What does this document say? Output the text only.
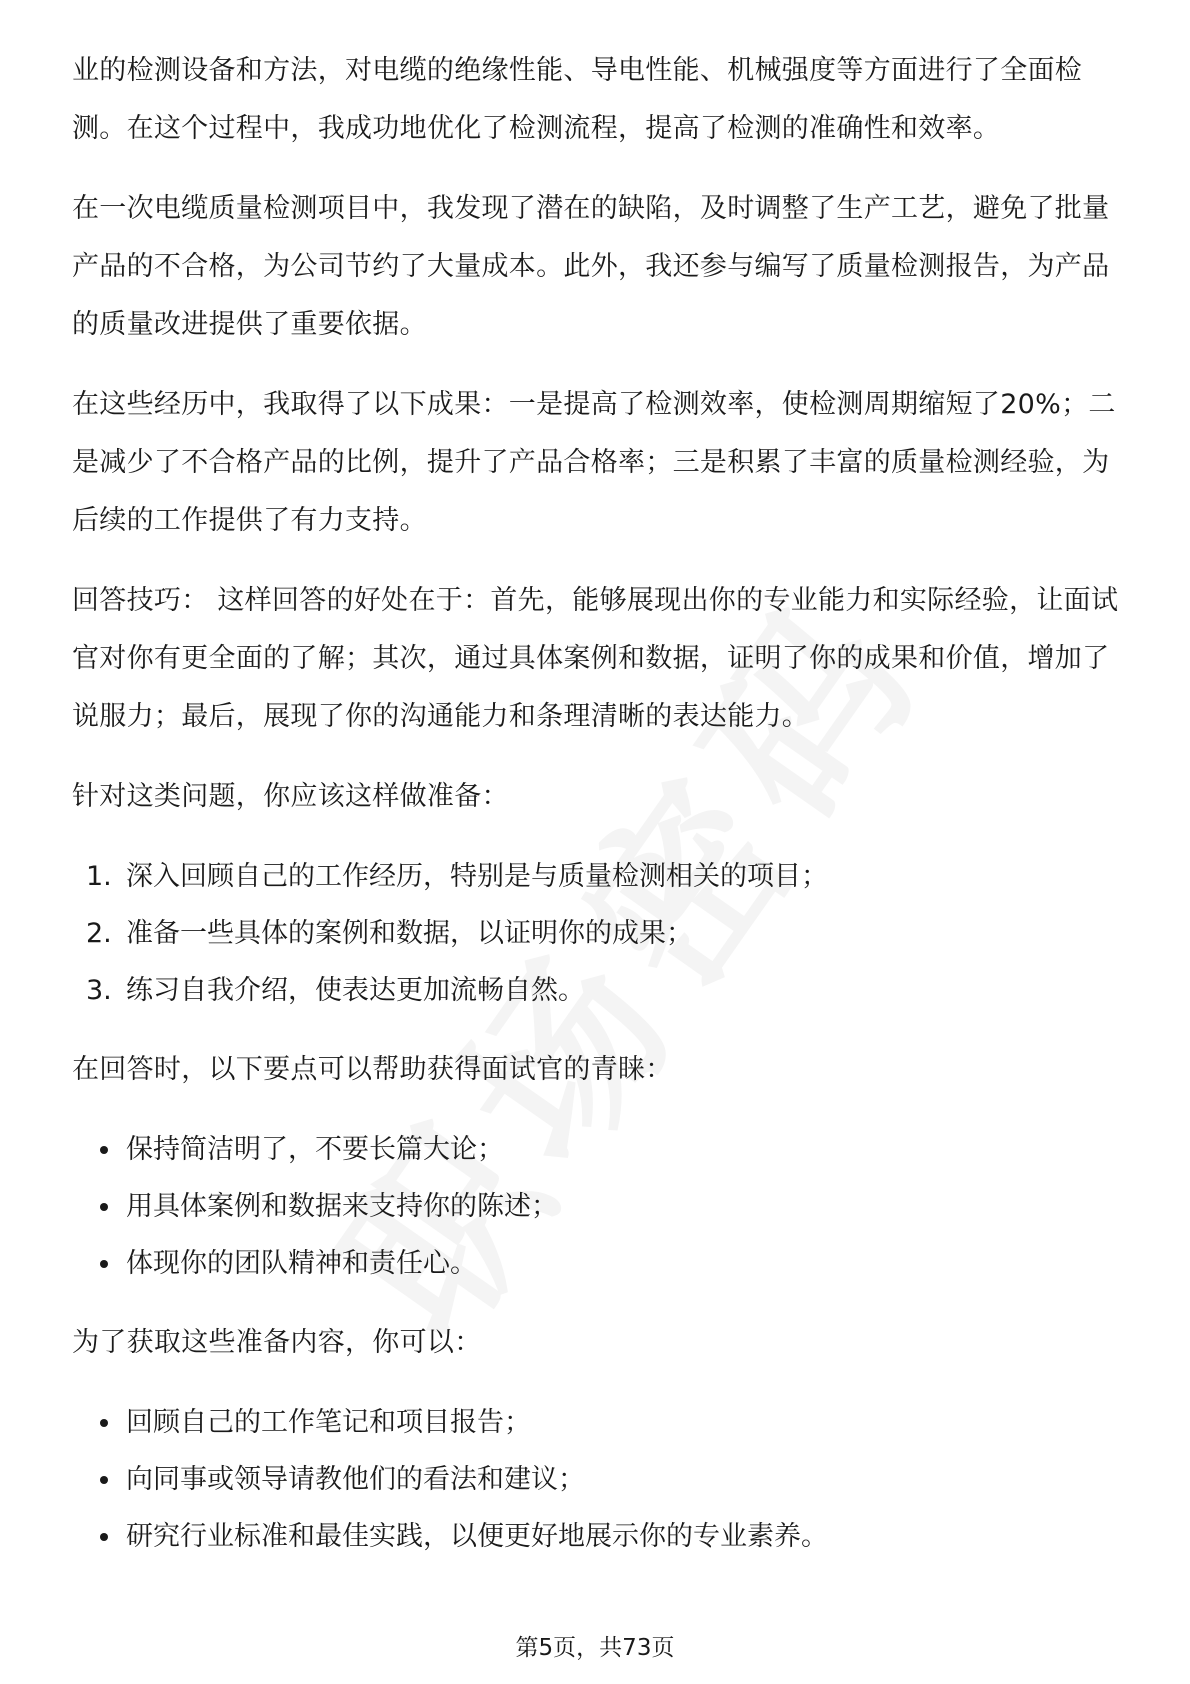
业的检测设备和方法，对电缆的绝缘性能、导电性能、机械强度等方面进行了全面检测。在这个过程中，我成功地优化了检测流程，提高了检测的准确性和效率。

在一次电缆质量检测项目中，我发现了潜在的缺陷，及时调整了生产工艺，避免了批量产品的不合格，为公司节约了大量成本。此外，我还参与编写了质量检测报告，为产品的质量改进提供了重要依据。

在这些经历中，我取得了以下成果：一是提高了检测效率，使检测周期缩短了20%；二是减少了不合格产品的比例，提升了产品合格率；三是积累了丰富的质量检测经验，为后续的工作提供了有力支持。

回答技巧： 这样回答的好处在于：首先，能够展现出你的专业能力和实际经验，让面试官对你有更全面的了解；其次，通过具体案例和数据，证明了你的成果和价值，增加了说服力；最后，展现了你的沟通能力和条理清晰的表达能力。

针对这类问题，你应该这样做准备：

1. 深入回顾自己的工作经历，特别是与质量检测相关的项目；
2. 准备一些具体的案例和数据，以证明你的成果；
3. 练习自我介绍，使表达更加流畅自然。

在回答时，以下要点可以帮助获得面试官的青睐：

保持简洁明了，不要长篇大论；
用具体案例和数据来支持你的陈述；
体现你的团队精神和责任心。

为了获取这些准备内容，你可以：

回顾自己的工作笔记和项目报告；
向同事或领导请教他们的看法和建议；
研究行业标准和最佳实践，以便更好地展示你的专业素养。
第5页，共73页
